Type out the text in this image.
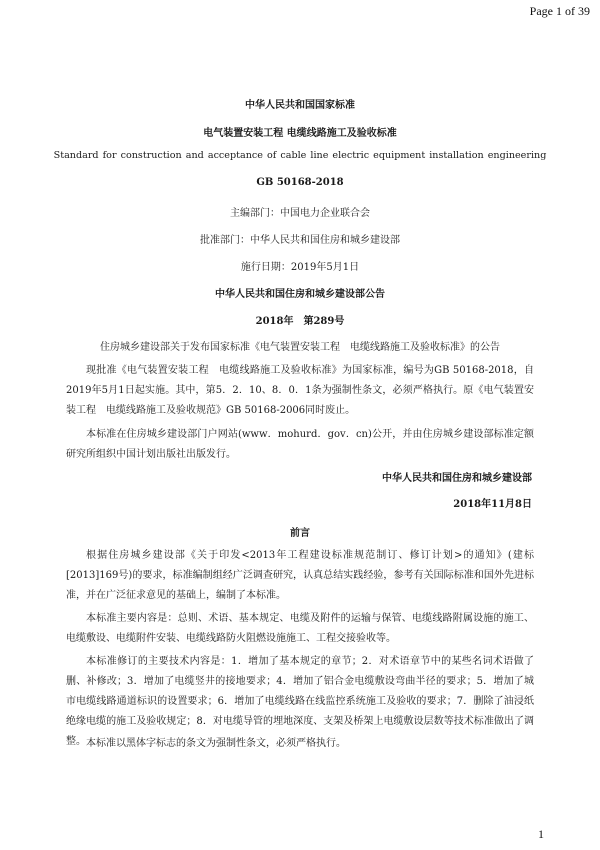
Page 1 of 39
中华人民共和国国家标准
电气装置安装工程 电缆线路施工及验收标准
Standard for construction and acceptance of cable line electric equipment installation engineering
GB 50168-2018
主编部门：中国电力企业联合会
批准部门：中华人民共和国住房和城乡建设部
施行日期：2019年5月1日
中华人民共和国住房和城乡建设部公告
2018年　第289号
住房城乡建设部关于发布国家标准《电气装置安装工程　电缆线路施工及验收标准》的公告
现批准《电气装置安装工程　电缆线路施工及验收标准》为国家标准，编号为GB 50168-2018，自2019年5月1日起实施。其中，第5．2．10、8．0．1条为强制性条文，必须严格执行。原《电气装置安装工程　电缆线路施工及验收规范》GB 50168-2006同时废止。
本标准在住房城乡建设部门户网站(www．mohurd．gov．cn)公开，并由住房城乡建设部标准定额研究所组织中国计划出版社出版发行。
中华人民共和国住房和城乡建设部
2018年11月8日
前言
根据住房城乡建设部《关于印发<2013年工程建设标准规范制订、修订计划>的通知》(建标[2013]169号)的要求，标准编制组经广泛调查研究，认真总结实践经验，参考有关国际标准和国外先进标准，并在广泛征求意见的基础上，编制了本标准。
本标准主要内容是：总则、术语、基本规定、电缆及附件的运输与保管、电缆线路附属设施的施工、电缆敷设、电缆附件安装、电缆线路防火阻燃设施施工、工程交接验收等。
本标准修订的主要技术内容是：1．增加了基本规定的章节；2．对术语章节中的某些名词术语做了删、补修改；3．增加了电缆竖井的接地要求；4．增加了铝合金电缆敷设弯曲半径的要求；5．增加了城市电缆线路通道标识的设置要求；6．增加了电缆线路在线监控系统施工及验收的要求；7．删除了油浸纸绝缘电缆的施工及验收规定；8．对电缆导管的埋地深度、支架及桥架上电缆敷设层数等技术标准做出了调整。 本标准以黑体字标志的条文为强制性条文，必须严格执行。
1
